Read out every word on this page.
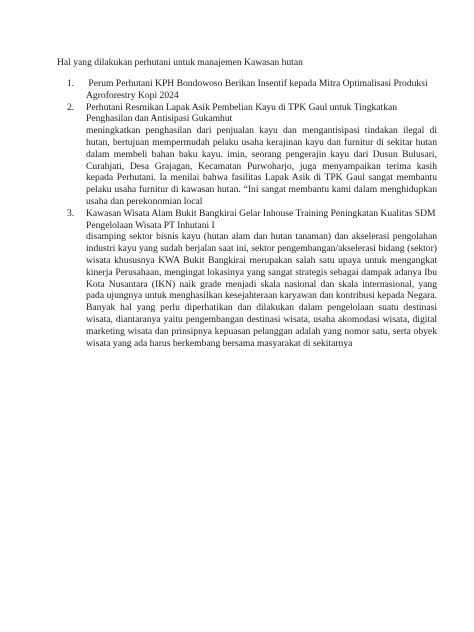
Hal yang dilakukan perhutani untuk manajemen Kawasan hutan
1. Perum Perhutani KPH Bondowoso Berikan Insentif kepada Mitra Optimalisasi Produksi Agroforestry Kopi 2024
2. Perhutani Resmikan Lapak Asik Pembelian Kayu di TPK Gaul untuk Tingkatkan Penghasilan dan Antisipasi Gukamhut
meningkatkan penghasilan dari penjualan kayu dan mengantisipasi tindakan ilegal di hutan, bertujuan mempermudah pelaku usaha kerajinan kayu dan furnitur di sekitar hutan dalam membeli bahan baku kayu. imin, seorang pengerajin kayu dari Dusun Bulusari, Curahjati, Desa Grajagan, Kecamatan Purwoharjo, juga menyampaikan terima kasih kepada Perhutani. Ia menilai bahwa fasilitas Lapak Asik di TPK Gaul sangat membantu pelaku usaha furnitur di kawasan hutan. “Ini sangat membantu kami dalam menghidupkan usaha dan perekonomian local
3. Kawasan Wisata Alam Bukit Bangkirai Gelar Inhouse Training Peningkatan Kualitas SDM Pengelolaan Wisata PT Inhutani I
disamping sektor bisnis kayu (hutan alam dan hutan tanaman) dan akselerasi pengolahan industri kayu yang sudah berjalan saat ini, sektor pengembangan/akselerasi bidang (sektor) wisata khususnya KWA Bukit Bangkirai merupakan salah satu upaya untuk mengangkat kinerja Perusahaan, mengingat lokasinya yang sangat strategis sebagai dampak adanya Ibu Kota Nusantara (IKN) naik grade menjadi skala nasional dan skala internasional, yang pada ujungnya untuk menghasilkan kesejahteraan karyawan dan kontribusi kepada Negara. Banyak hal yang perlu diperhatikan dan dilakukan dalam pengelolaan suatu destinasi wisata, diantaranya yaitu pengembangan destinasi wisata, usaha akomodasi wisata, digital marketing wisata dan prinsipnya kepuasan pelanggan adalah yang nomor satu, serta obyek wisata yang ada harus berkembang bersama masyarakat di sekitarnya
